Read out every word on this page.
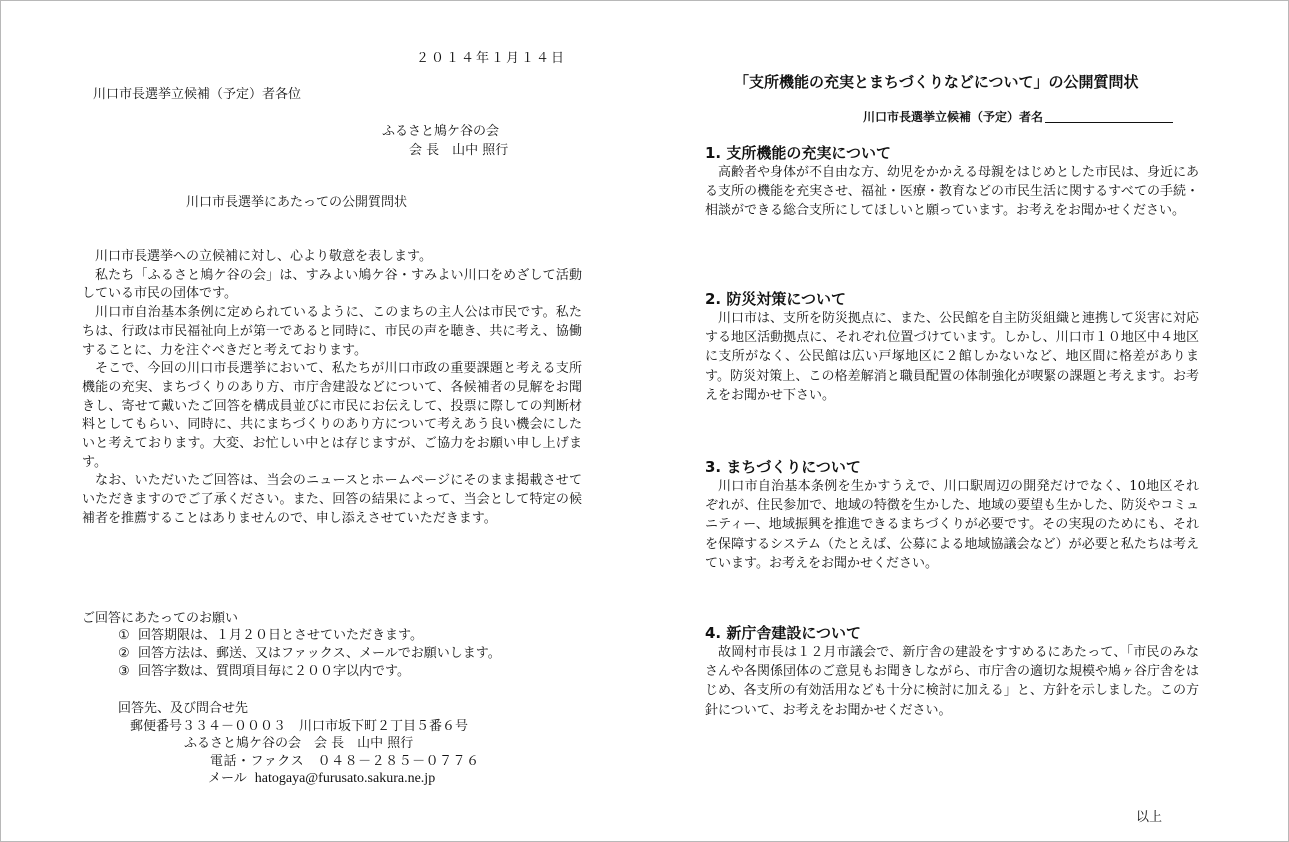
２０１４年１月１４日
川口市長選挙立候補（予定）者各位
ふるさと鳩ケ谷の会
会 長　山中 照行
川口市長選挙にあたっての公開質問状

川口市長選挙への立候補に対し、心より敬意を表します。

私たち「ふるさと鳩ケ谷の会」は、すみよい鳩ケ谷・すみよい川口をめざして活動している市民の団体です。

川口市自治基本条例に定められているように、このまちの主人公は市民です。私たちは、行政は市民福祉向上が第一であると同時に、市民の声を聴き、共に考え、協働することに、力を注ぐべきだと考えております。

そこで、今回の川口市長選挙において、私たちが川口市政の重要課題と考える支所機能の充実、まちづくりのあり方、市庁舎建設などについて、各候補者の見解をお聞きし、寄せて戴いたご回答を構成員並びに市民にお伝えして、投票に際しての判断材料としてもらい、同時に、共にまちづくりのあり方について考えあう良い機会にしたいと考えております。大変、お忙しい中とは存じますが、ご協力をお願い申し上げます。

なお、いただいたご回答は、当会のニュースとホームページにそのまま掲載させていただきますのでご了承ください。また、回答の結果によって、当会として特定の候補者を推薦することはありませんので、申し添えさせていただきます。

ご回答にあたってのお願い
① 回答期限は、１月２０日とさせていただきます。
② 回答方法は、郵送、又はファックス、メールでお願いします。
③ 回答字数は、質問項目毎に２００字以内です。
回答先、及び問合せ先
郵便番号３３４－０００３　川口市坂下町２丁目５番６号
ふるさと鳩ケ谷の会　会 長　山中 照行
電話・ファクス　０４８－２８５－０７７６
メール hatogaya@furusato.sakura.ne.jp
「支所機能の充実とまちづくりなどについて」の公開質問状
川口市長選挙立候補（予定）者名
1. 支所機能の充実について

高齢者や身体が不自由な方、幼児をかかえる母親をはじめとした市民は、身近にある支所の機能を充実させ、福祉・医療・教育などの市民生活に関するすべての手続・相談ができる総合支所にしてほしいと願っています。お考えをお聞かせください。

2. 防災対策について

川口市は、支所を防災拠点に、また、公民館を自主防災組織と連携して災害に対応する地区活動拠点に、それぞれ位置づけています。しかし、川口市１０地区中４地区に支所がなく、公民館は広い戸塚地区に２館しかないなど、地区間に格差があります。防災対策上、この格差解消と職員配置の体制強化が喫緊の課題と考えます。お考えをお聞かせ下さい。

3. まちづくりについて

川口市自治基本条例を生かすうえで、川口駅周辺の開発だけでなく、10地区それぞれが、住民参加で、地域の特徴を生かした、地域の要望も生かした、防災やコミュニティー、地域振興を推進できるまちづくりが必要です。その実現のためにも、それを保障するシステム（たとえば、公募による地域協議会など）が必要と私たちは考えています。お考えをお聞かせください。

4. 新庁舎建設について

故岡村市長は１２月市議会で、新庁舎の建設をすすめるにあたって、「市民のみなさんや各関係団体のご意見もお聞きしながら、市庁舎の適切な規模や鳩ヶ谷庁舎をはじめ、各支所の有効活用なども十分に検討に加える」と、方針を示しました。この方針について、お考えをお聞かせください。

以上
